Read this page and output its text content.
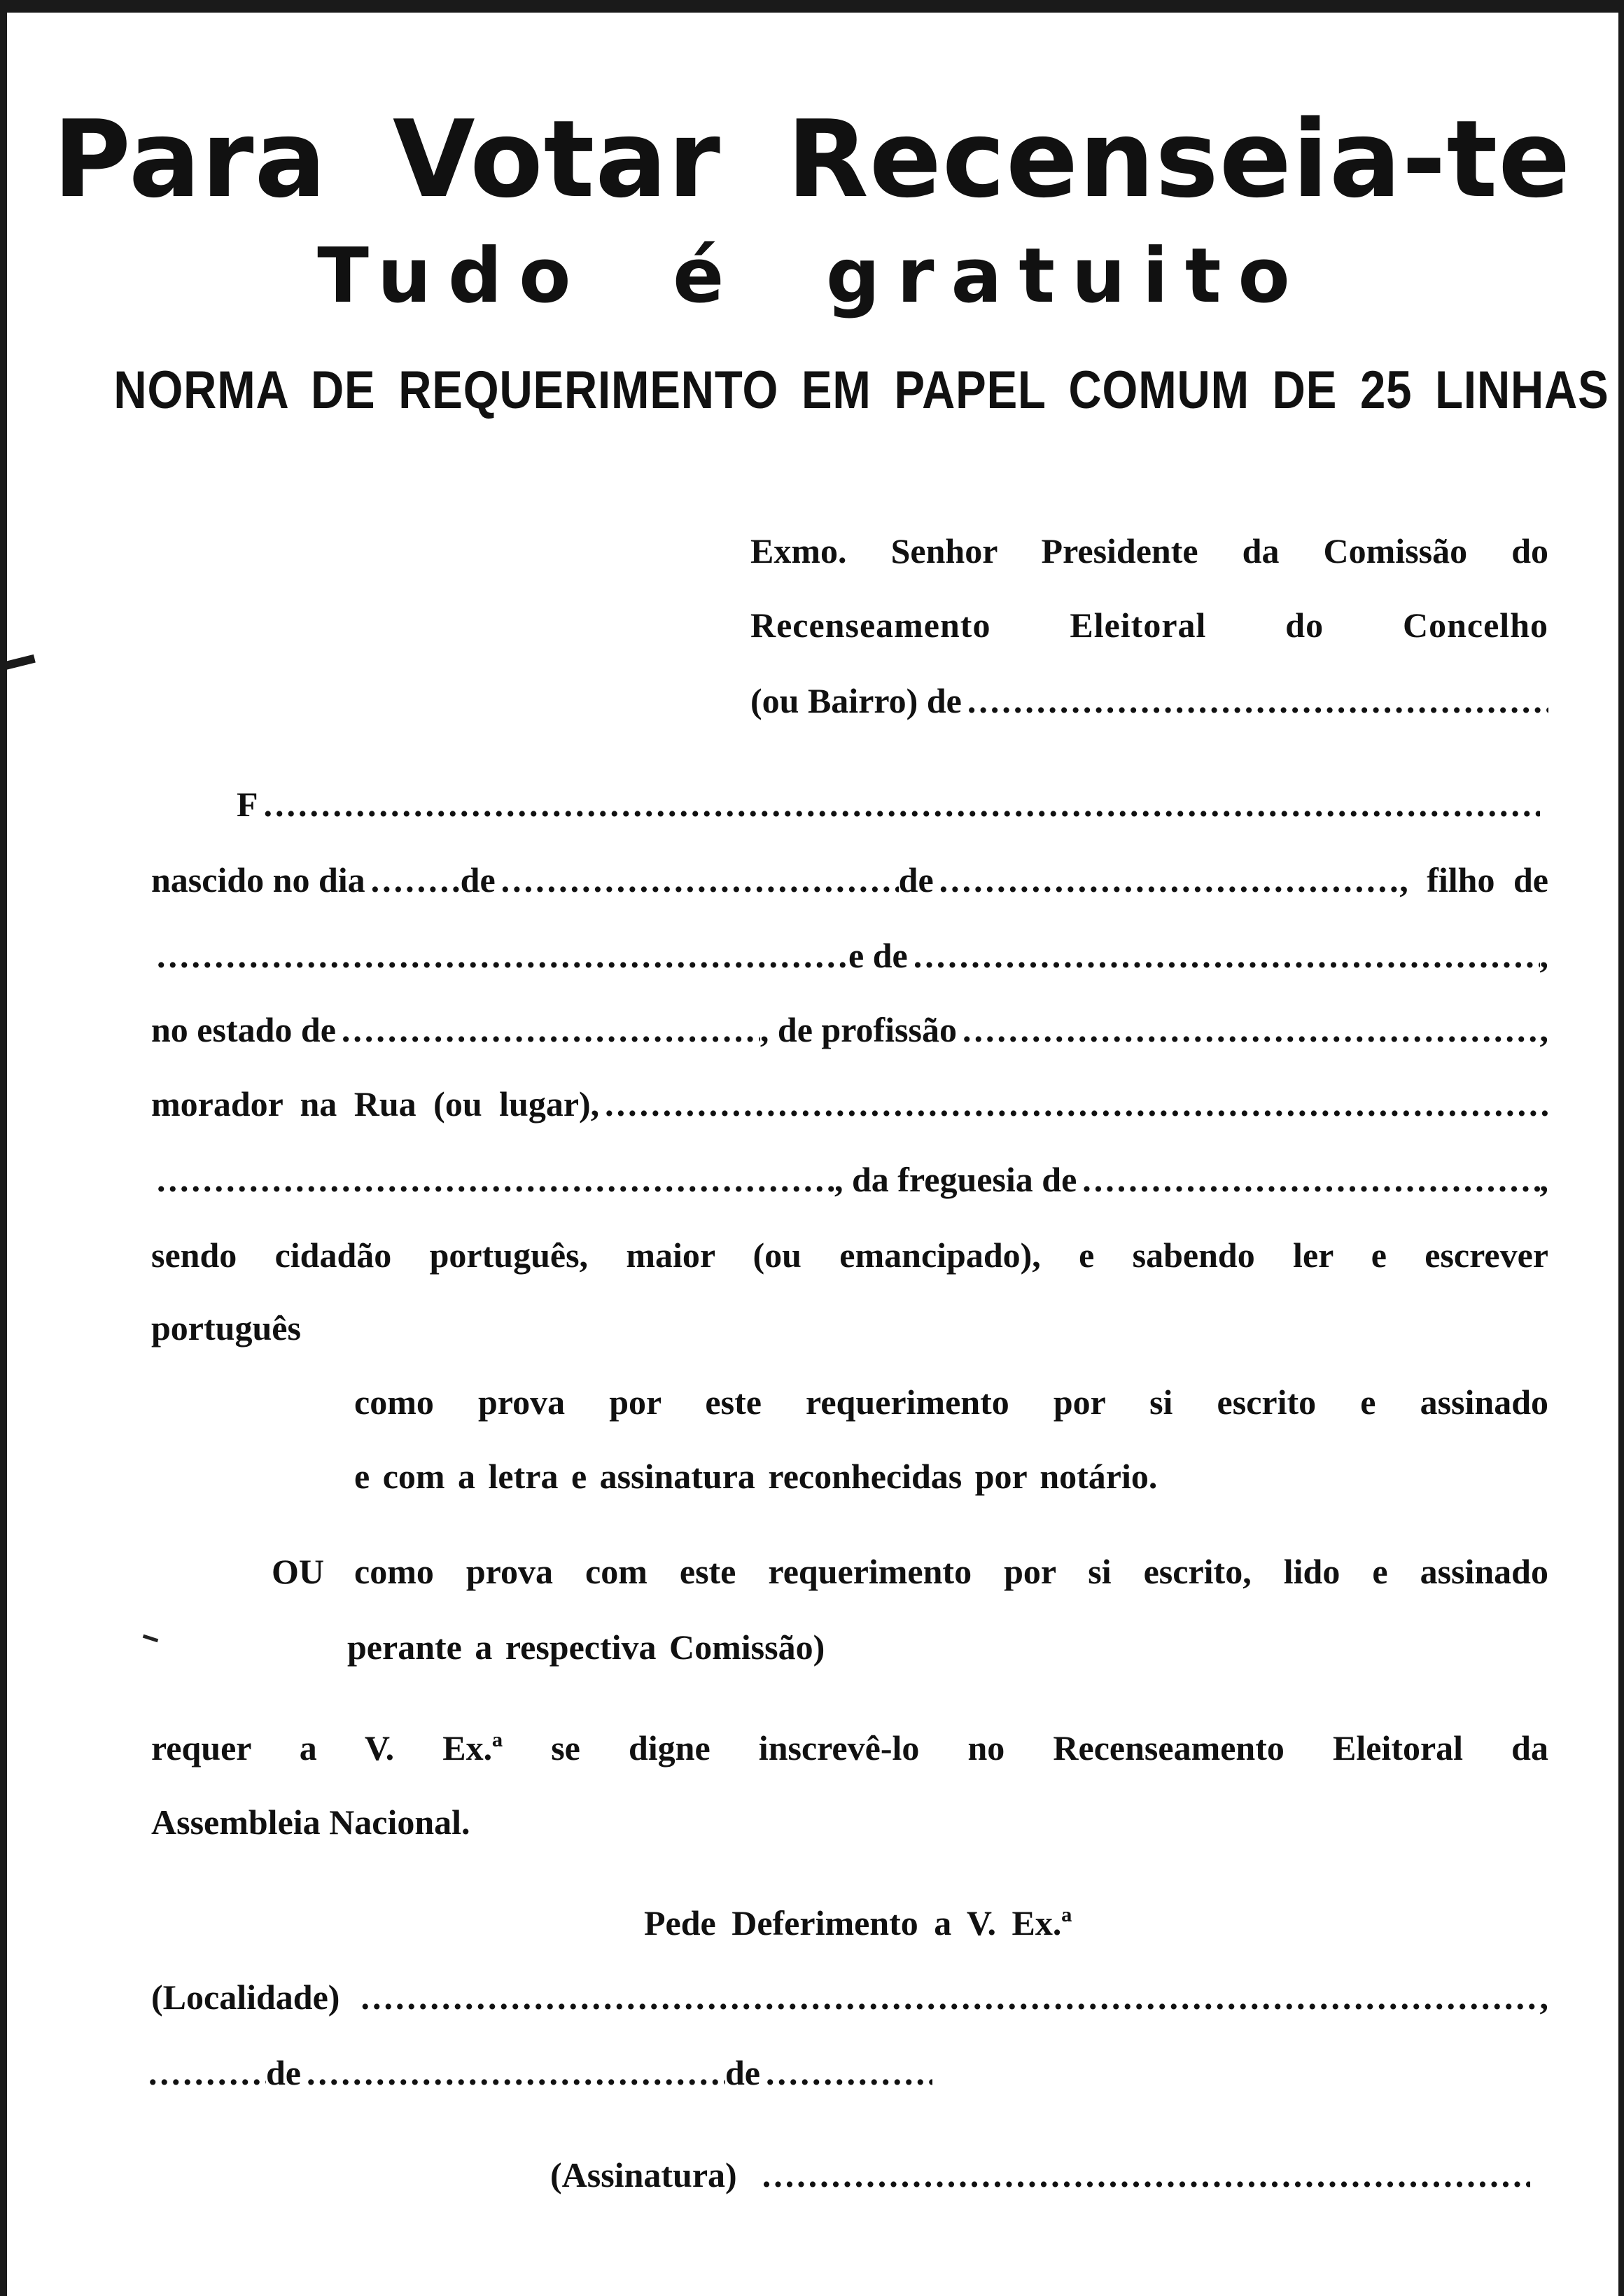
Para Votar Recenseia-te
Tudo é gratuito
NORMA DE REQUERIMENTO EM PAPEL COMUM DE 25 LINHAS
Exmo. Senhor Presidente da Comissão do
Recenseamento Eleitoral do Concelho
(ou Bairro) de
.....
F
.....
nascido no dia .....	de .....	de .....	, filho de
.....
e de .....	,
no estado de .....	, de profissão .....	,
morador na Rua (ou lugar),
.....
.....
, da freguesia de .....	,
sendo cidadão português, maior (ou emancipado), e sabendo ler e escrever
português
como prova por este requerimento por si escrito e assinado
e com a letra e assinatura reconhecidas por notário.
OU como prova com este requerimento por si escrito, lido e assinado
perante a respectiva Comissão)
requer a V. Ex.ª se digne inscrevê-lo no Recenseamento Eleitoral da
Assembleia Nacional.
Pede Deferimento a V. Ex.ª
(Localidade) .....	,
.....
de .....	de
.....
(Assinatura)
.....
